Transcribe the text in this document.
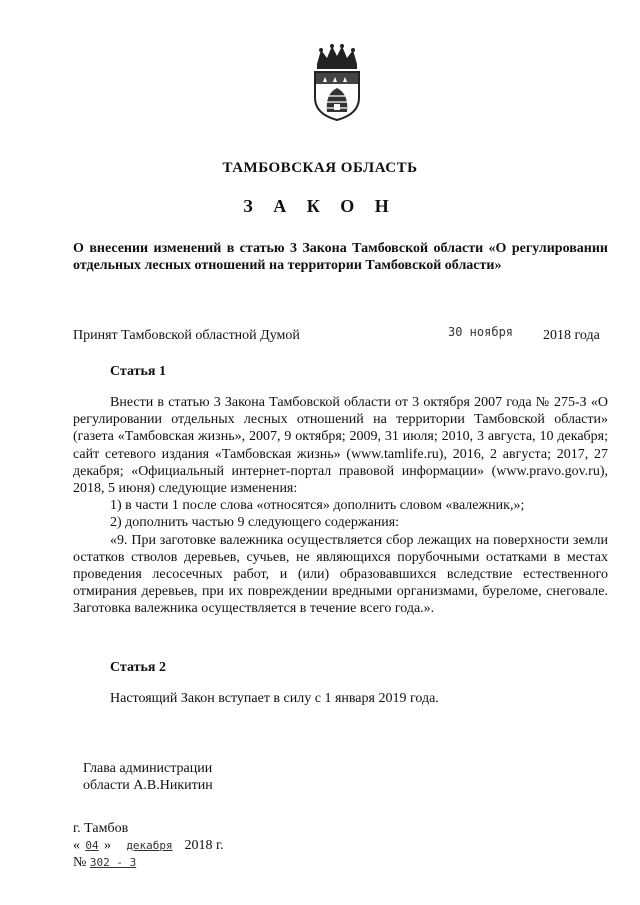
ТАМБОВСКАЯ ОБЛАСТЬ
З А К О Н
О внесении изменений в статью 3 Закона Тамбовской области «О регулировании отдельных лесных отношений на территории Тамбовской области»
Принят Тамбовской областной Думой	30 ноября 2018 года
Статья 1

Внести в статью 3 Закона Тамбовской области от 3 октября 2007 года № 275-З «О регулировании отдельных лесных отношений на территории Тамбовской области» (газета «Тамбовская жизнь», 2007, 9 октября; 2009, 31 июля; 2010, 3 августа, 10 декабря; сайт сетевого издания «Тамбовская жизнь» (www.tamlife.ru), 2016, 2 августа; 2017, 27 декабря; «Официальный интернет-портал правовой информации» (www.pravo.gov.ru), 2018, 5 июня) следующие изменения:

1) в части 1 после слова «относятся» дополнить словом «валежник,»;

2) дополнить частью 9 следующего содержания:

«9. При заготовке валежника осуществляется сбор лежащих на поверхности земли остатков стволов деревьев, сучьев, не являющихся порубочными остатками в местах проведения лесосечных работ, и (или) образовавшихся вследствие естественного отмирания деревьев, при их повреждении вредными организмами, буреломе, снеговале. Заготовка валежника осуществляется в течение всего года.».

Статья 2

Настоящий Закон вступает в силу с 1 января 2019 года.

Глава администрации
области А.В.Никитин
г. Тамбов
« 04 » декабря 2018 г.
№ 302 - З
